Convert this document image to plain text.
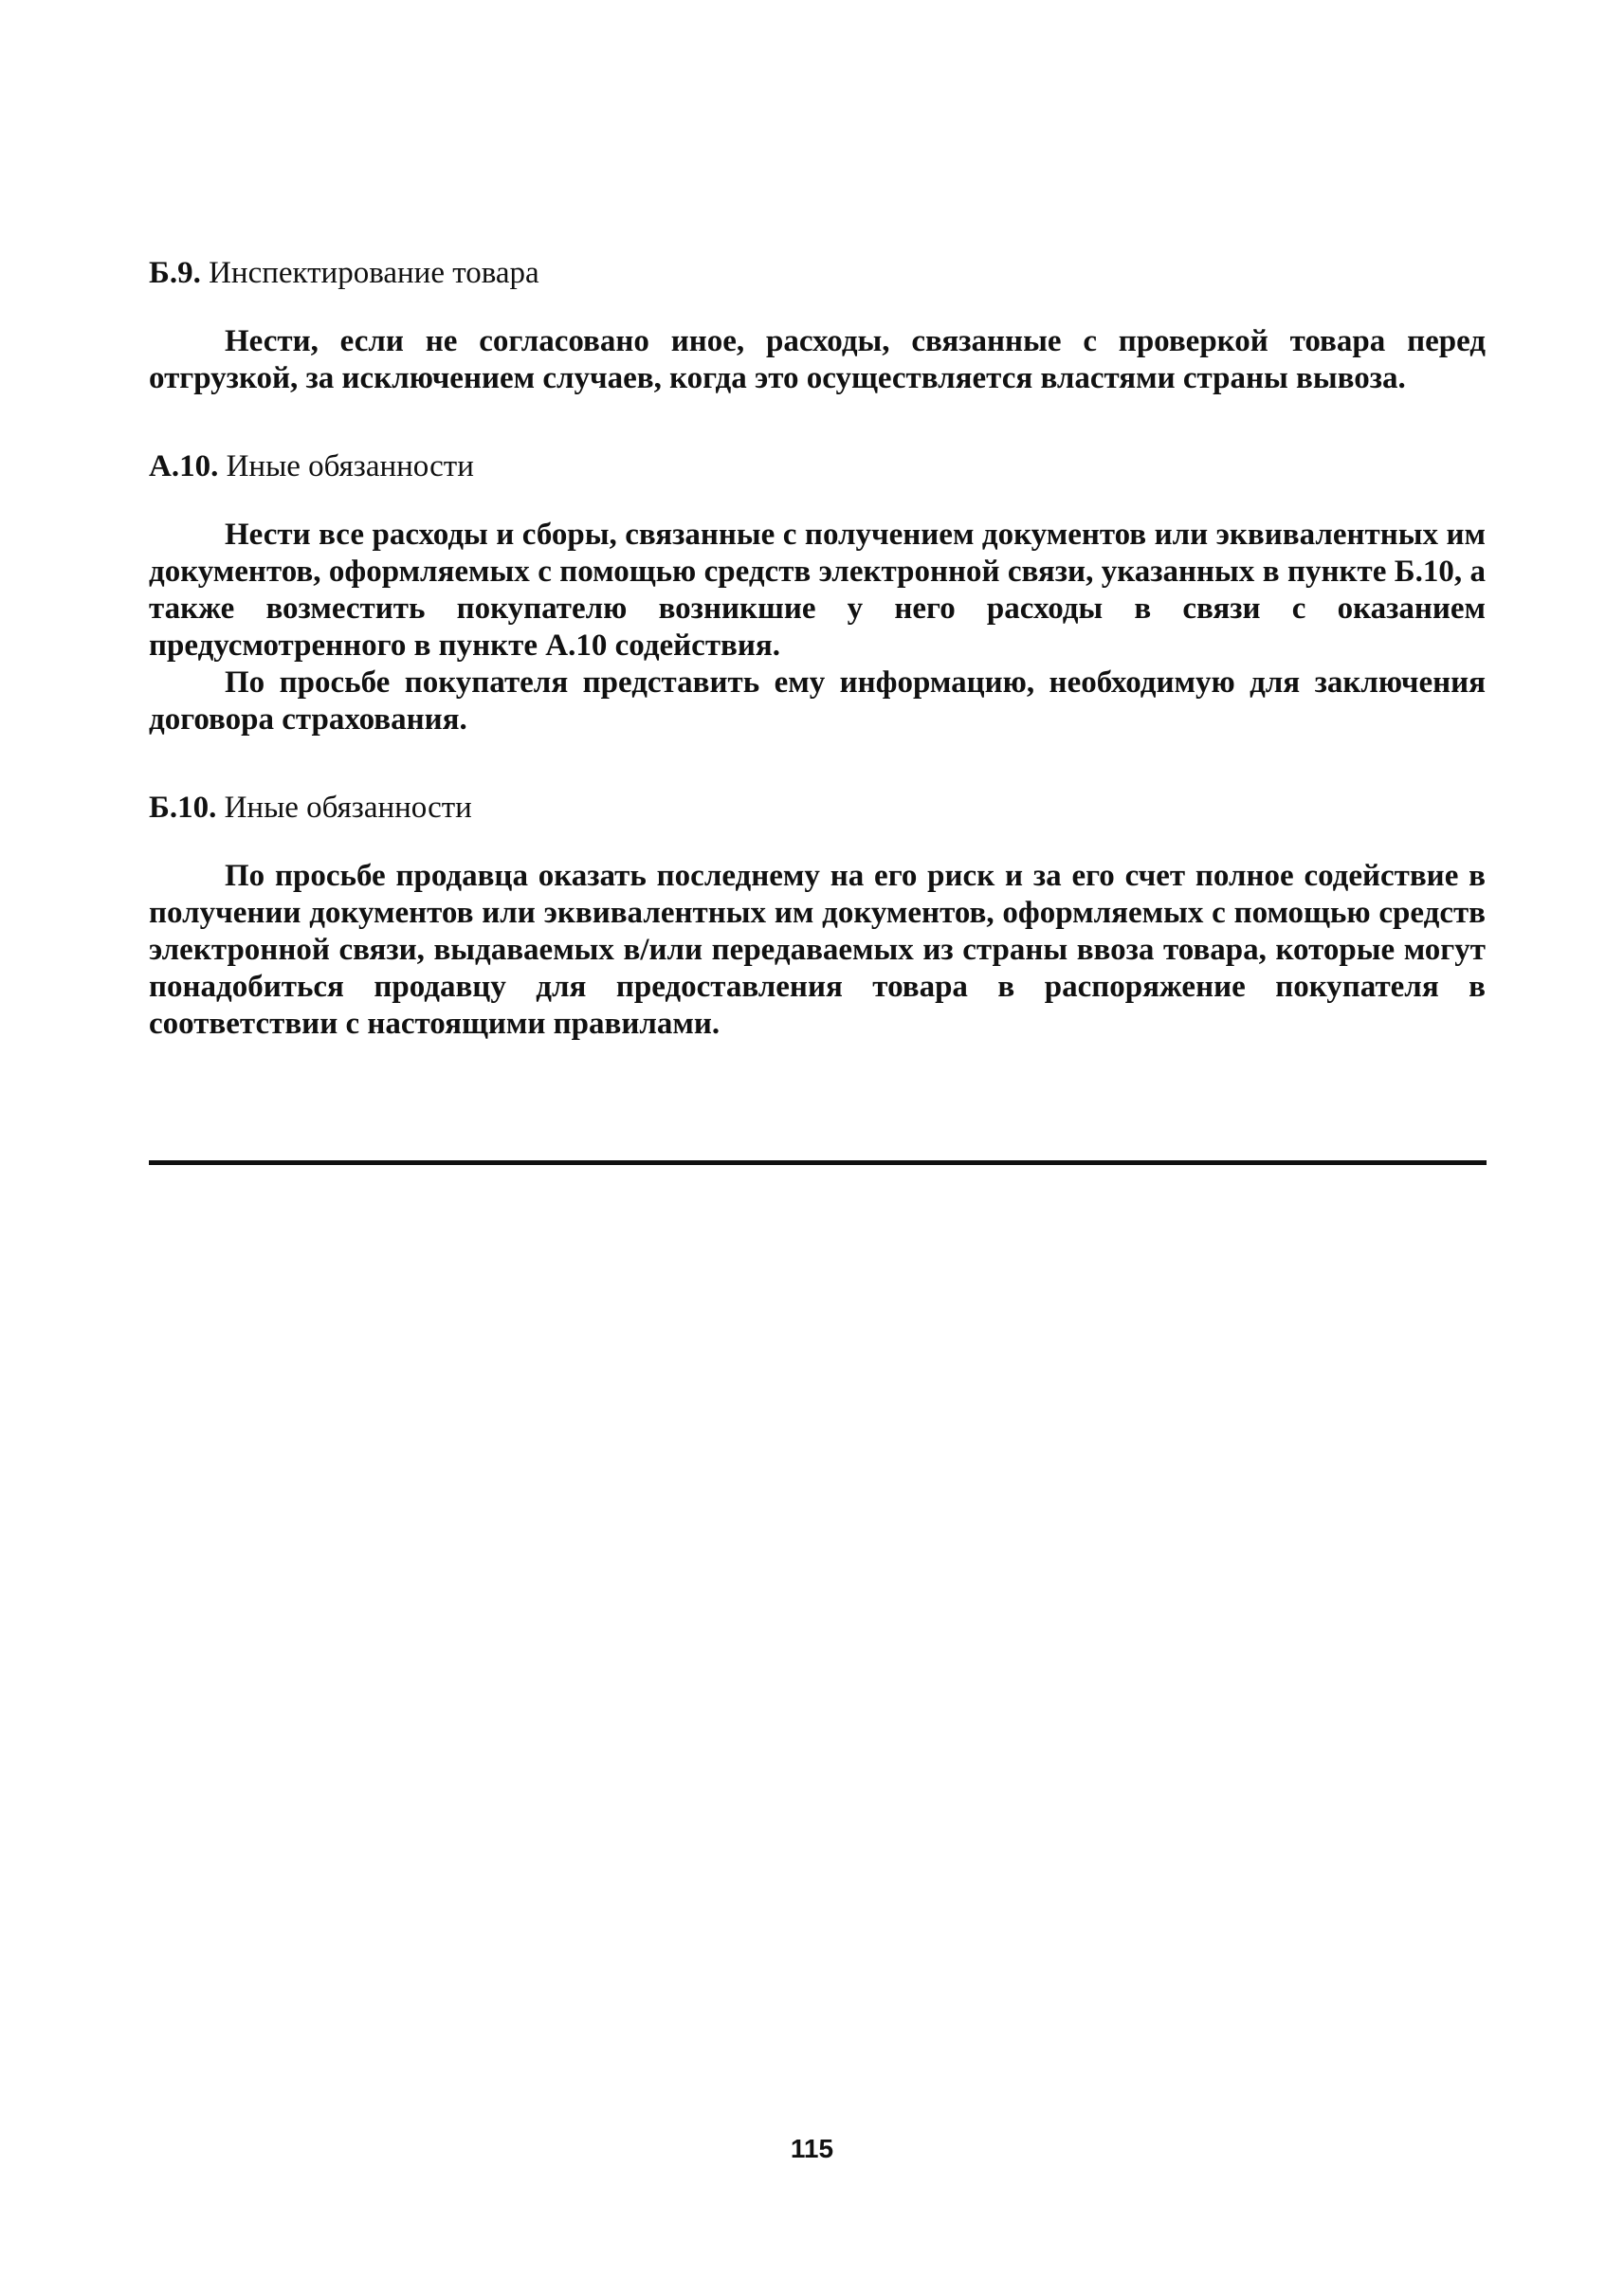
Б.9. Инспектирование товара

Нести, если не согласовано иное, расходы, связанные с проверкой товара перед отгрузкой, за исключением случаев, когда это осуществляется властями страны вывоза.

А.10. Иные обязанности

Нести все расходы и сборы, связанные с получением документов или эквивалентных им документов, оформляемых с помощью средств электронной связи, указанных в пункте Б.10, а также возместить покупателю возникшие у него расходы в связи с оказанием предусмотренного в пункте А.10 содействия.

По просьбе покупателя представить ему информацию, необходимую для заключения договора страхования.

Б.10. Иные обязанности

По просьбе продавца оказать последнему на его риск и за его счет полное содействие в получении документов или эквивалентных им документов, оформляемых с помощью средств электронной связи, выдаваемых в/или передаваемых из страны ввоза товара, которые могут понадобиться продавцу для предоставления товара в распоряжение покупателя в соответствии с настоящими правилами.

115
